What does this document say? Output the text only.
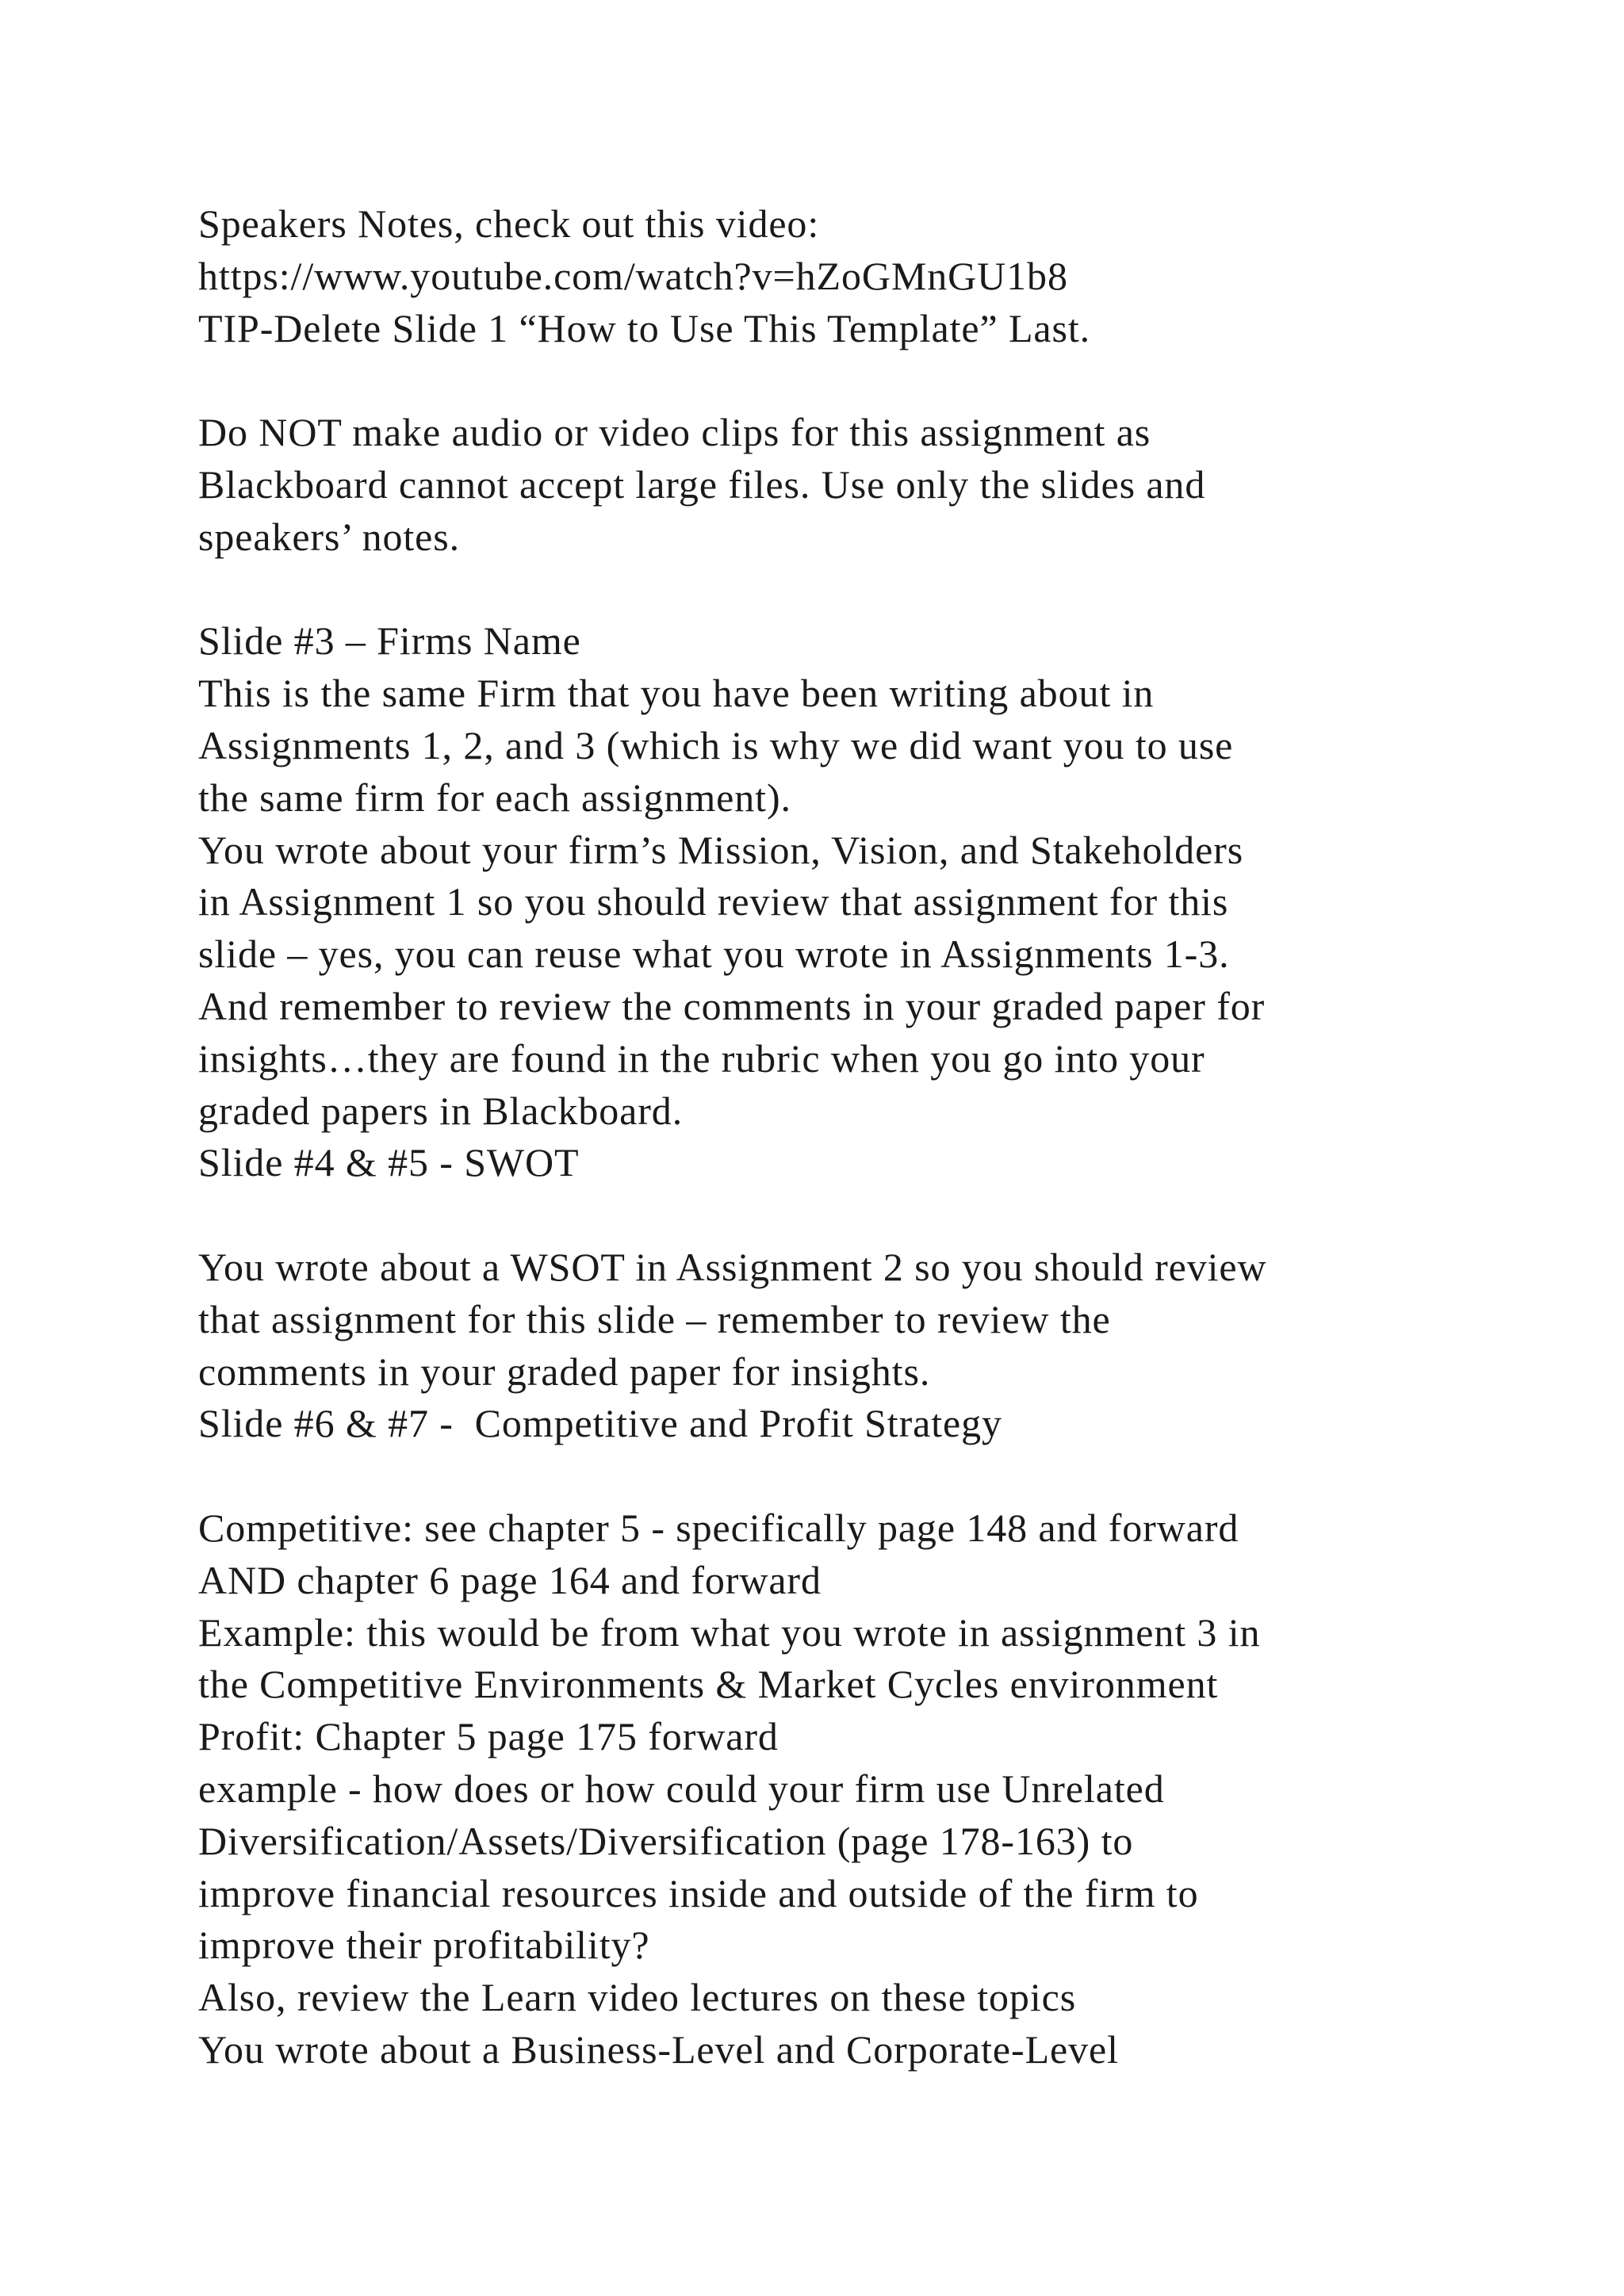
Speakers Notes, check out this video:
https://www.youtube.com/watch?v=hZoGMnGU1b8
TIP-Delete Slide 1 “How to Use This Template” Last.
Do NOT make audio or video clips for this assignment as
Blackboard cannot accept large files. Use only the slides and
speakers’ notes.
Slide #3 – Firms Name
This is the same Firm that you have been writing about in
Assignments 1, 2, and 3 (which is why we did want you to use
the same firm for each assignment).
You wrote about your firm’s Mission, Vision, and Stakeholders
in Assignment 1 so you should review that assignment for this
slide – yes, you can reuse what you wrote in Assignments 1-3.
And remember to review the comments in your graded paper for
insights…they are found in the rubric when you go into your
graded papers in Blackboard.
Slide #4 & #5 - SWOT
You wrote about a WSOT in Assignment 2 so you should review
that assignment for this slide – remember to review the
comments in your graded paper for insights.
Slide #6 & #7 -  Competitive and Profit Strategy
Competitive: see chapter 5 - specifically page 148 and forward
AND chapter 6 page 164 and forward
Example: this would be from what you wrote in assignment 3 in
the Competitive Environments & Market Cycles environment
Profit: Chapter 5 page 175 forward
example - how does or how could your firm use Unrelated
Diversification/Assets/Diversification (page 178-163) to
improve financial resources inside and outside of the firm to
improve their profitability?
Also, review the Learn video lectures on these topics
You wrote about a Business-Level and Corporate-Level
